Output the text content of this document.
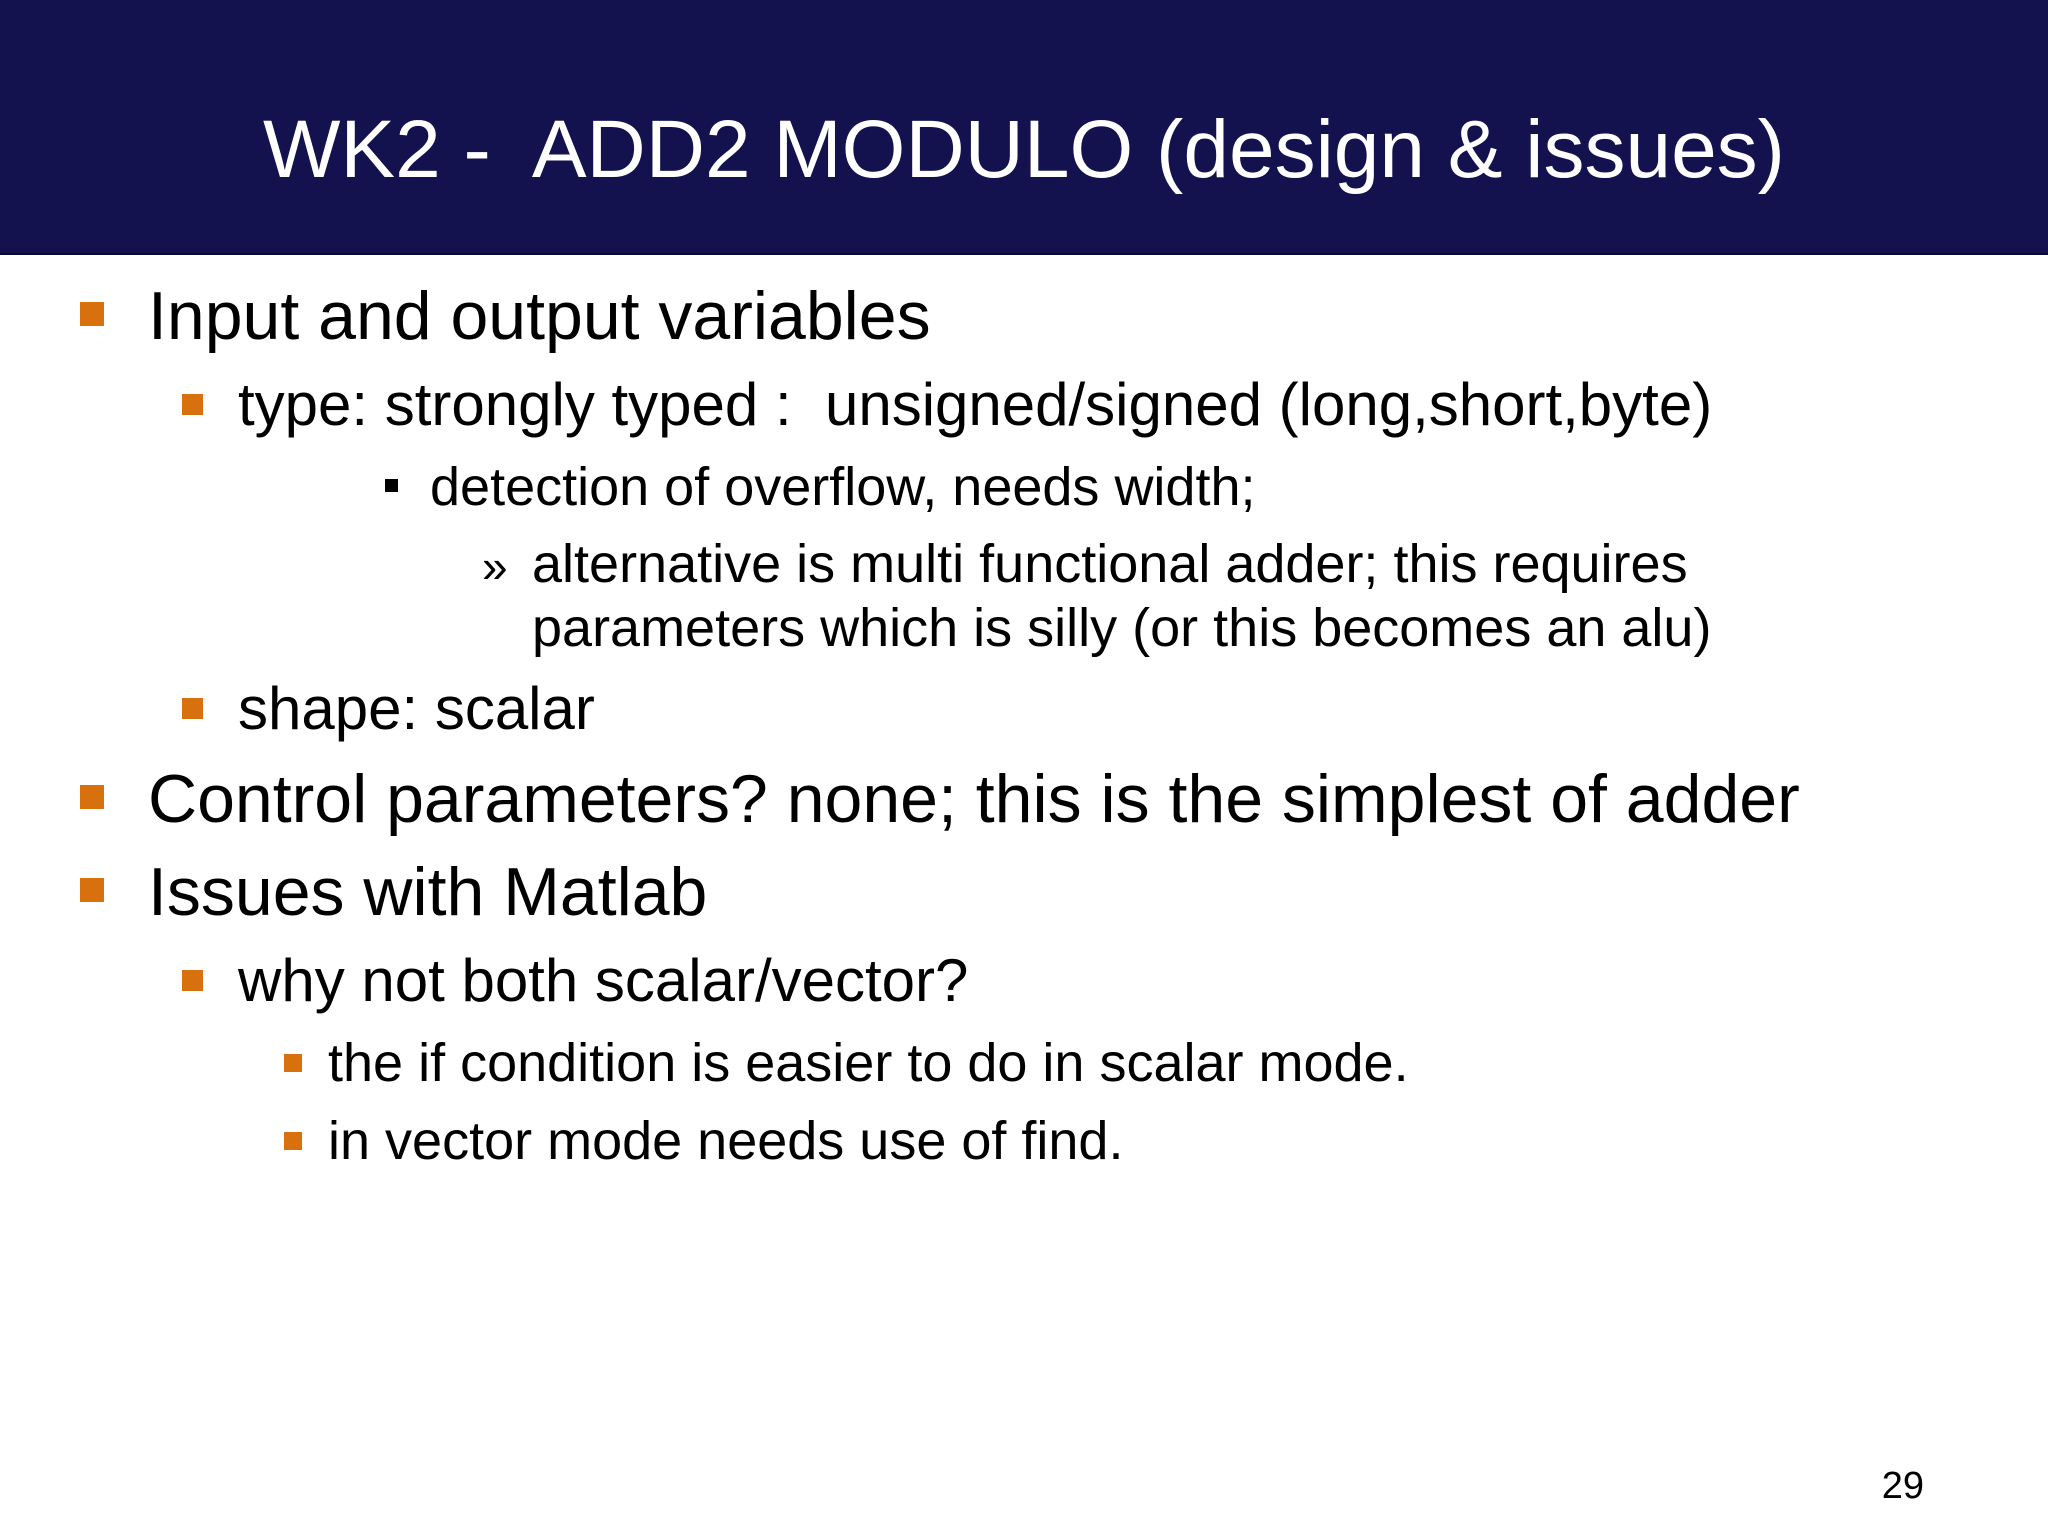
WK2 -  ADD2 MODULO (design & issues)
Input and output variables
type: strongly typed :  unsigned/signed (long,short,byte)
detection of overflow, needs width;
» alternative is multi functional adder; this requires
parameters which is silly (or this becomes an alu)
shape: scalar
Control parameters? none; this is the simplest of adder
Issues with Matlab
why not both scalar/vector?
the if condition is easier to do in scalar mode.
in vector mode needs use of find.
29
